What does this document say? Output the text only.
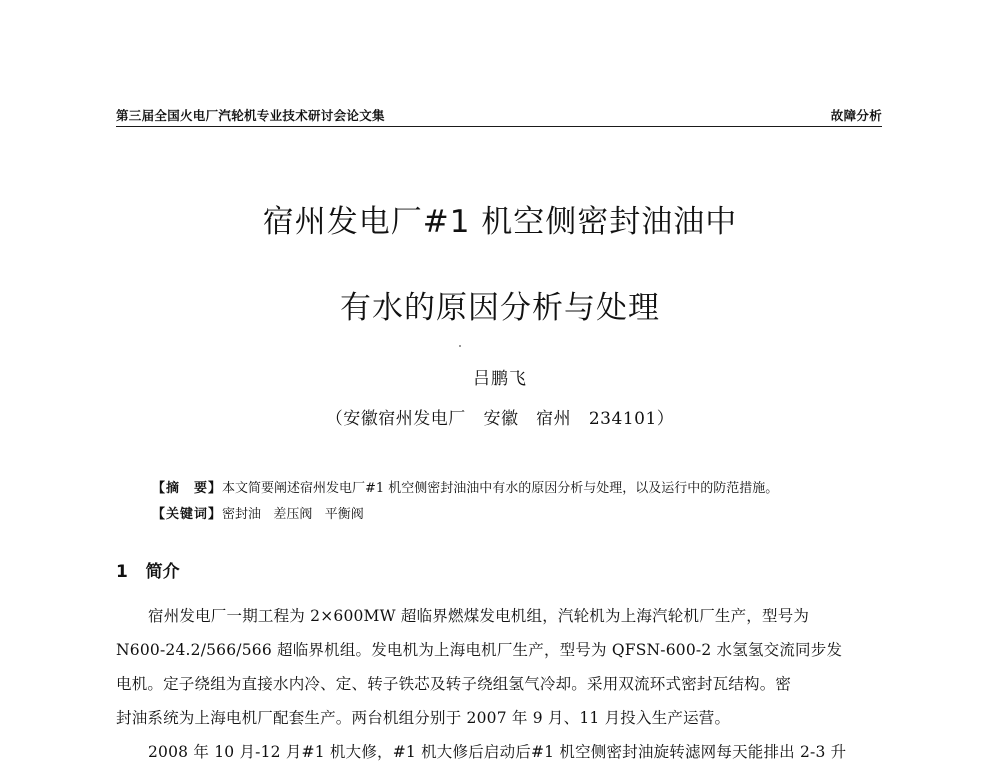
第三届全国火电厂汽轮机专业技术研讨会论文集	故障分析
宿州发电厂#1 机空侧密封油油中
有水的原因分析与处理
吕鹏飞
（安徽宿州发电厂   安徽   宿州   234101）
【摘　要】本文简要阐述宿州发电厂#1 机空侧密封油油中有水的原因分析与处理，以及运行中的防范措施。
【关键词】密封油   差压阀   平衡阀
1 简介
宿州发电厂一期工程为 2×600MW 超临界燃煤发电机组，汽轮机为上海汽轮机厂生产，型号为
N600-24.2/566/566 超临界机组。发电机为上海电机厂生产，型号为 QFSN-600-2 水氢氢交流同步发
电机。定子绕组为直接水内冷、定、转子铁芯及转子绕组氢气冷却。采用双流环式密封瓦结构。密
封油系统为上海电机厂配套生产。两台机组分别于 2007 年 9 月、11 月投入生产运营。
2008 年 10 月-12 月#1 机大修，#1 机大修后启动后#1 机空侧密封油旋转滤网每天能排出 2-3 升
